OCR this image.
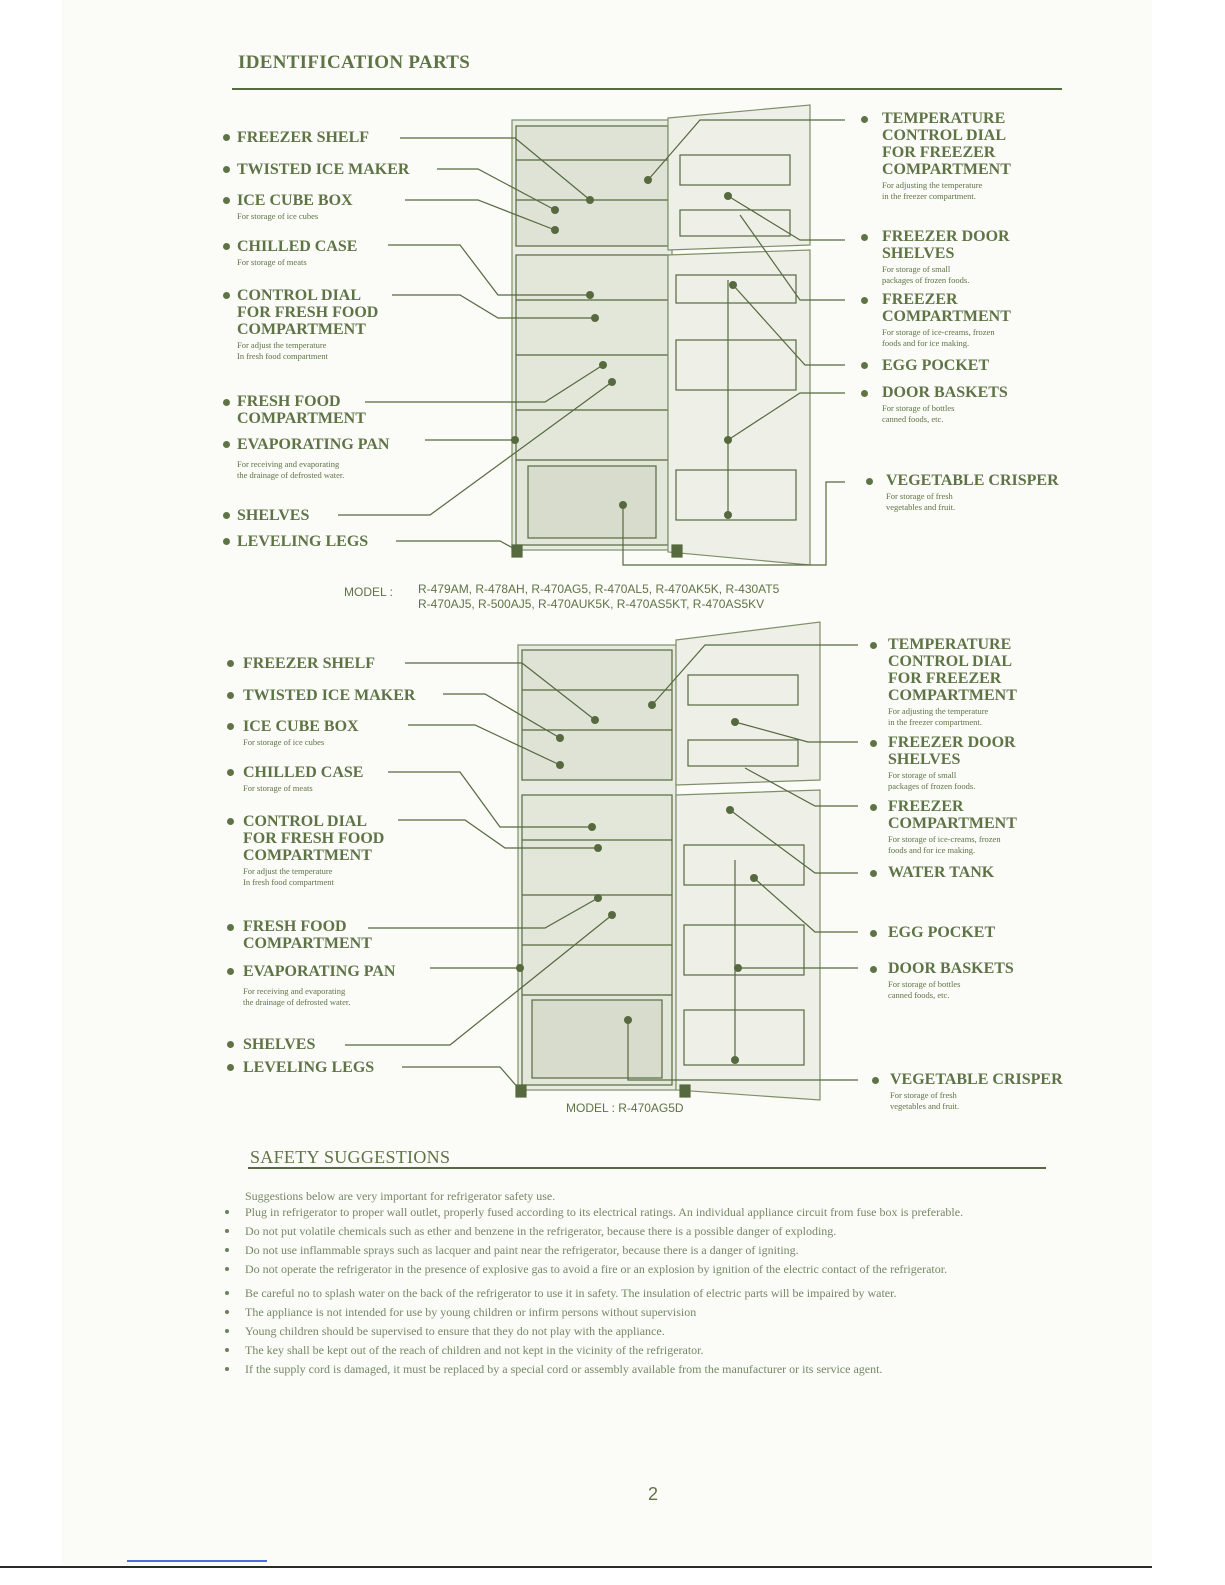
IDENTIFICATION PARTS
FREEZER SHELF
TWISTED ICE MAKER
ICE CUBE BOX
For storage of ice cubes
CHILLED CASE
For storage of meats
CONTROL DIAL
FOR FRESH FOOD
COMPARTMENT
For adjust the temperature
In fresh food compartment
FRESH FOOD
COMPARTMENT
EVAPORATING PAN
For receiving and evaporating
the drainage of defrosted water.
SHELVES
LEVELING LEGS
TEMPERATURE
CONTROL DIAL
FOR FREEZER
COMPARTMENT
For adjusting the temperature
in the freezer compartment.
FREEZER DOOR
SHELVES
For storage of small
packages of frozen foods.
FREEZER
COMPARTMENT
For storage of ice-creams, frozen
foods and for ice making.
EGG POCKET
DOOR BASKETS
For storage of bottles
canned foods, etc.
VEGETABLE CRISPER
For storage of fresh
vegetables and fruit.
MODEL : R-479AM, R-478AH, R-470AG5, R-470AL5, R-470AK5K, R-430AT5
R-470AJ5, R-500AJ5, R-470AUK5K, R-470AS5KT, R-470AS5KV
FREEZER SHELF
TWISTED ICE MAKER
ICE CUBE BOX
For storage of ice cubes
CHILLED CASE
For storage of meats
CONTROL DIAL
FOR FRESH FOOD
COMPARTMENT
For adjust the temperature
In fresh food compartment
FRESH FOOD
COMPARTMENT
EVAPORATING PAN
For receiving and evaporating
the drainage of defrosted water.
SHELVES
LEVELING LEGS
TEMPERATURE
CONTROL DIAL
FOR FREEZER
COMPARTMENT
For adjusting the temperature
in the freezer compartment.
FREEZER DOOR
SHELVES
For storage of small
packages of frozen foods.
FREEZER
COMPARTMENT
For storage of ice-creams, frozen
foods and for ice making.
WATER TANK
EGG POCKET
DOOR BASKETS
For storage of bottles
canned foods, etc.
VEGETABLE CRISPER
For storage of fresh
vegetables and fruit.
MODEL : R-470AG5D
SAFETY SUGGESTIONS

Suggestions below are very important for refrigerator safety use.

Plug in refrigerator to proper wall outlet, properly fused according to its electrical ratings. An individual appliance circuit from fuse box is preferable.
Do not put volatile chemicals such as ether and benzene in the refrigerator, because there is a possible danger of exploding.
Do not use inflammable sprays such as lacquer and paint near the refrigerator, because there is a danger of igniting.
Do not operate the refrigerator in the presence of explosive gas to avoid a fire or an explosion by ignition of the electric contact of the refrigerator.
Be careful no to splash water on the back of the refrigerator to use it in safety. The insulation of electric parts will be impaired by water.
The appliance is not intended for use by young children or infirm persons without supervision
Young children should be supervised to ensure that they do not play with the appliance.
The key shall be kept out of the reach of children and not kept in the vicinity of the refrigerator.
If the supply cord is damaged, it must be replaced by a special cord or assembly available from the manufacturer or its service agent.
2
